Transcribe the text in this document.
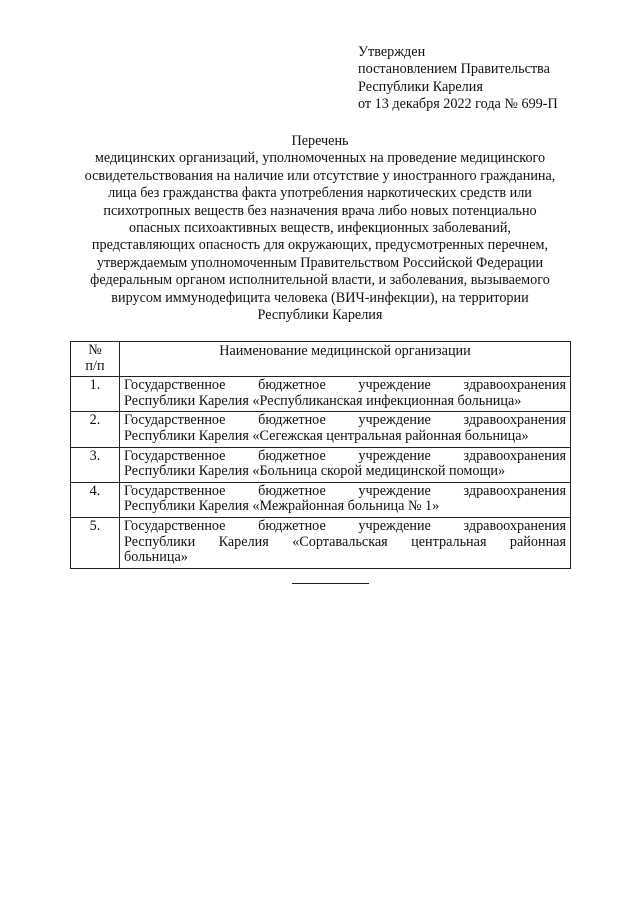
Утвержден
постановлением Правительства
Республики Карелия
от 13 декабря 2022 года № 699-П
Перечень
медицинских организаций, уполномоченных на проведение медицинского
освидетельствования на наличие или отсутствие у иностранного гражданина,
лица без гражданства факта употребления наркотических средств или
психотропных веществ без назначения врача либо новых потенциально
опасных психоактивных веществ, инфекционных заболеваний,
представляющих опасность для окружающих, предусмотренных перечнем,
утверждаемым уполномоченным Правительством Российской Федерации
федеральным органом исполнительной власти, и заболевания, вызываемого
вирусом иммунодефицита человека (ВИЧ-инфекции), на территории
Республики Карелия
№
п/п	Наименование медицинской организации
1.	Государственное бюджетное учреждение здравоохранения
Республики Карелия «Республиканская инфекционная больница»

2.	Государственное бюджетное учреждение здравоохранения
Республики Карелия «Сегежская центральная районная больница»

3.	Государственное бюджетное учреждение здравоохранения
Республики Карелия «Больница скорой медицинской помощи»

4.	Государственное бюджетное учреждение здравоохранения
Республики Карелия «Межрайонная больница № 1»

5.	Государственное бюджетное учреждение здравоохранения
Республики Карелия «Сортавальская центральная районная
больница»
